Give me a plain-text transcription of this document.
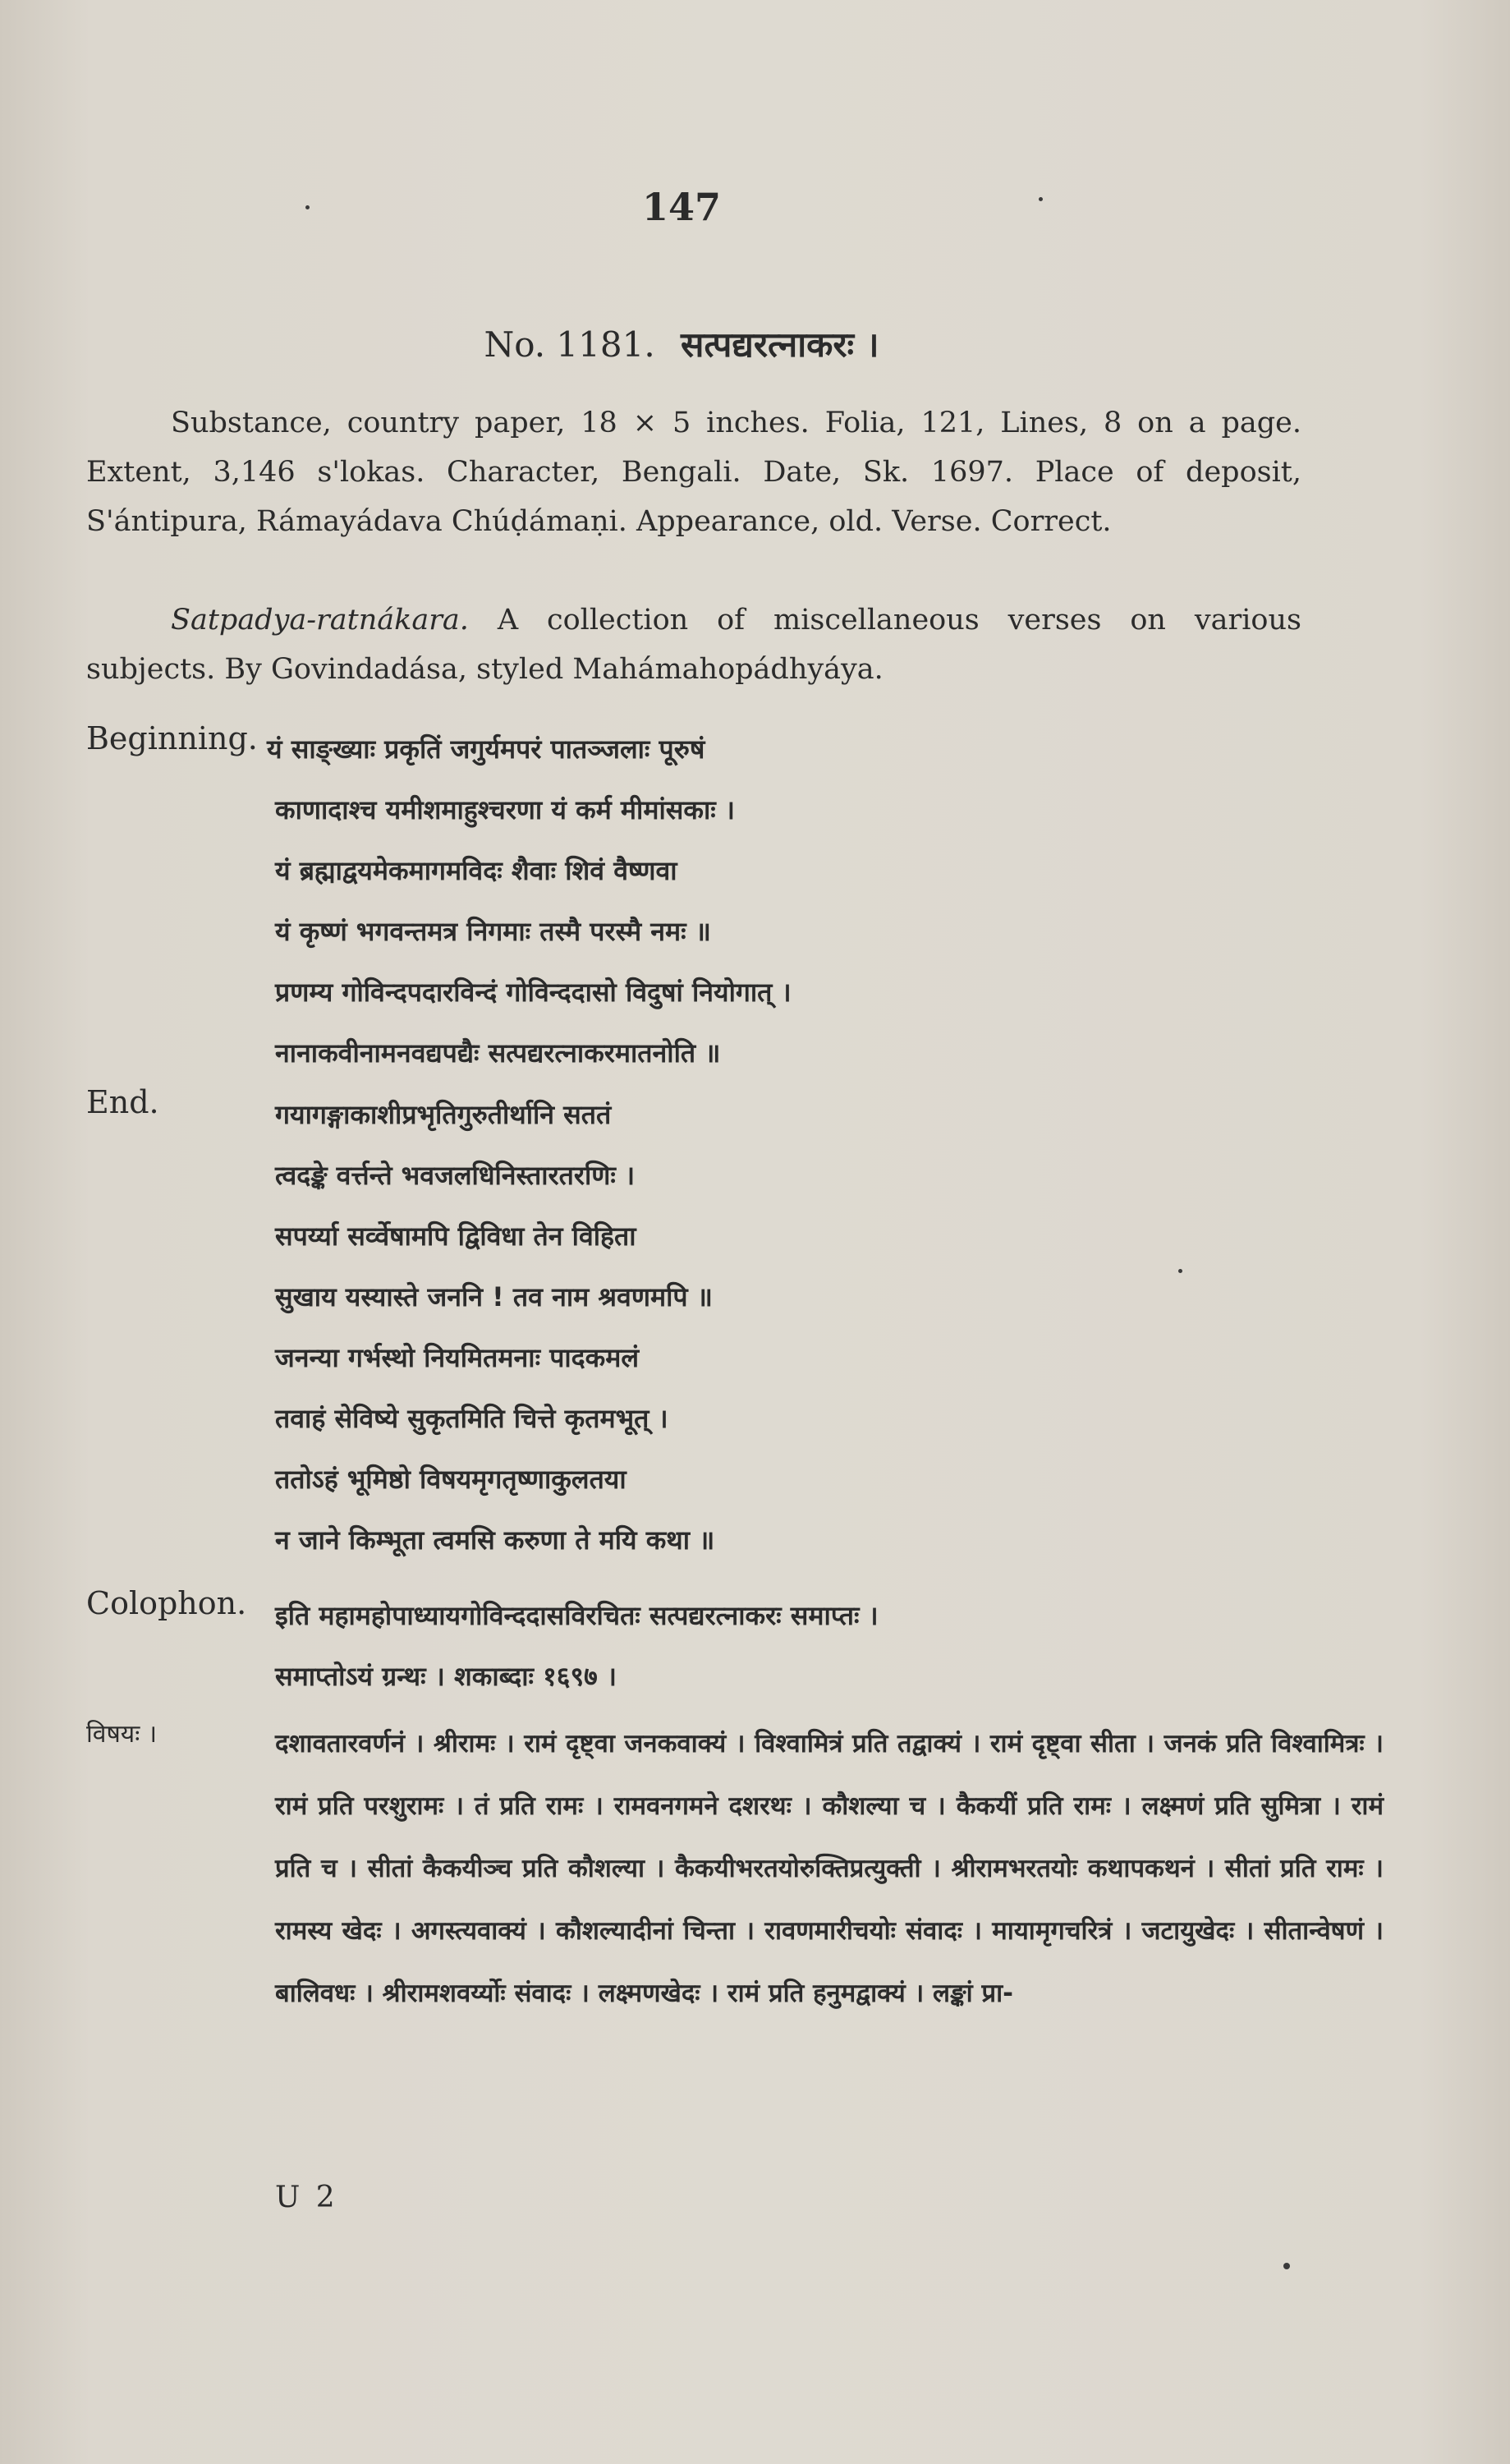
147
No. 1181. सत्पद्यरत्नाकरः ।
Substance, country paper, 18 × 5 inches. Folia, 121, Lines, 8 on a page. Extent, 3,146 s'lokas. Character, Bengali. Date, Sk. 1697. Place of deposit, S'ántipura, Rámayádava Chúḍámaṇi. Appearance, old. Verse. Correct.
Satpadya-ratnákara. A collection of miscellaneous verses on various subjects. By Govindadása, styled Mahámahopádhyáya.
Beginning. यं साङ्ख्याः प्रकृतिं जगुर्यमपरं पातञ्जलाः पूरुषं
काणादाश्च यमीशमाहुश्चरणा यं कर्म मीमांसकाः ।
यं ब्रह्माद्वयमेकमागमविदः शैवाः शिवं वैष्णवा
यं कृष्णं भगवन्तमत्र निगमाः तस्मै परस्मै नमः ॥
प्रणम्य गोविन्दपदारविन्दं गोविन्ददासो विदुषां नियोगात् ।
नानाकवीनामनवद्यपद्यैः सत्पद्यरत्नाकरमातनोति ॥
End.	गयागङ्गाकाशीप्रभृतिगुरुतीर्थानि सततं
त्वदङ्के वर्त्तन्ते भवजलधिनिस्तारतरणिः ।
सपर्य्या सर्व्वेषामपि द्विविधा तेन विहिता
सुखाय यस्यास्ते जननि ! तव नाम श्रवणमपि ॥
जनन्या गर्भस्थो नियमितमनाः पादकमलं
तवाहं सेविष्ये सुकृतमिति चित्ते कृतमभूत् ।
ततोऽहं भूमिष्ठो विषयमृगतृष्णाकुलतया
न जाने किम्भूता त्वमसि करुणा ते मयि कथा ॥
Colophon. इति महामहोपाध्यायगोविन्ददासविरचितः सत्पद्यरत्नाकरः समाप्तः ।
समाप्तोऽयं ग्रन्थः । शकाब्दाः १६९७ ।
विषयः ।	दशावतारवर्णनं । श्रीरामः । रामं दृष्ट्वा जनकवाक्यं । विश्वामित्रं प्रति तद्वाक्यं । रामं दृष्ट्वा सीता । जनकं प्रति विश्वामित्रः । रामं प्रति परशुरामः । तं प्रति रामः । रामवनगमने दशरथः । कौशल्या च । कैकयीं प्रति रामः । लक्ष्मणं प्रति सुमित्रा । रामं प्रति च । सीतां कैकयीञ्च प्रति कौशल्या । कैकयीभरतयोरुक्तिप्रत्युक्ती । श्रीरामभरतयोः कथापकथनं । सीतां प्रति रामः । रामस्य खेदः । अगस्त्यवाक्यं । कौशल्यादीनां चिन्ता । रावणमारीचयोः संवादः । मायामृगचरित्रं । जटायुखेदः । सीतान्वेषणं । बालिवधः । श्रीरामशवर्य्योः संवादः । लक्ष्मणखेदः । रामं प्रति हनुमद्वाक्यं । लङ्कां प्रा-
U 2
